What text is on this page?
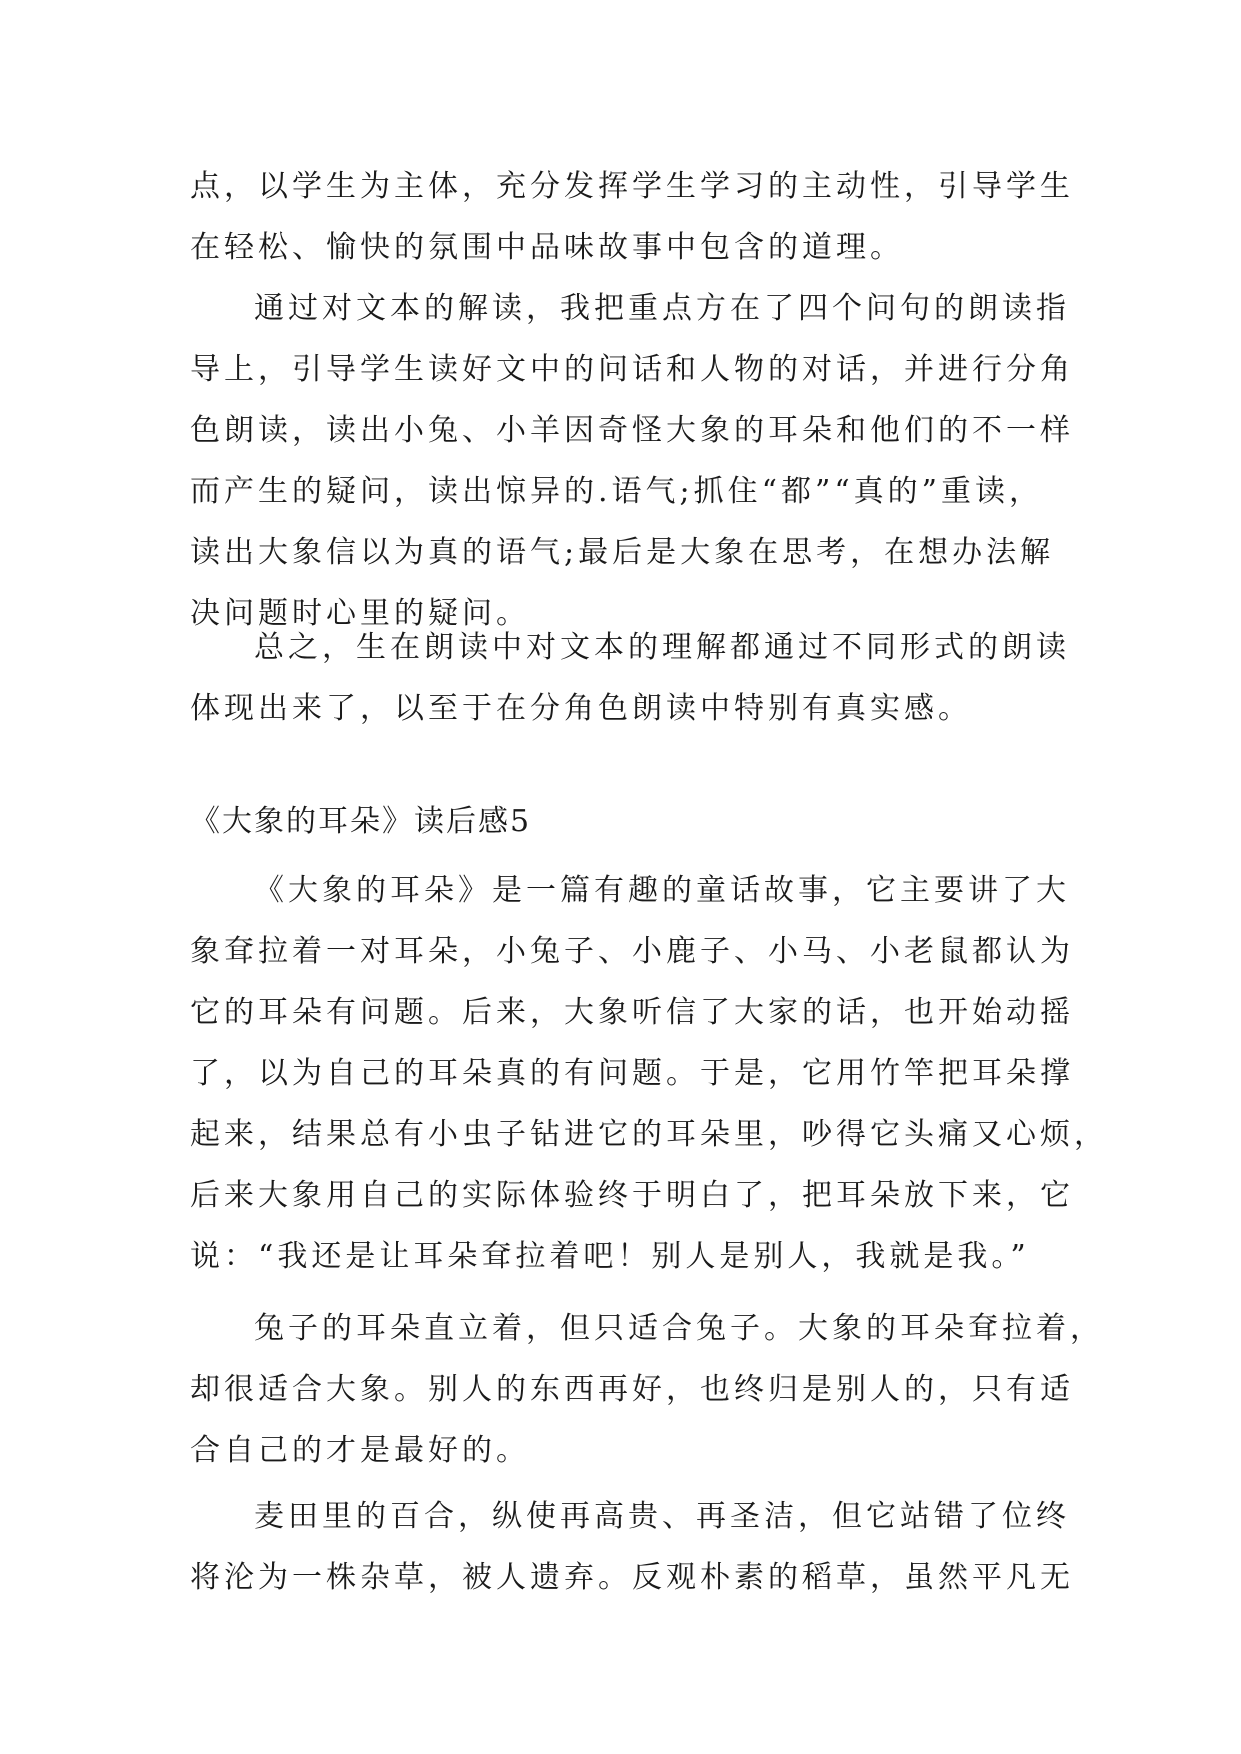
点，以学生为主体，充分发挥学生学习的主动性，引导学生
在轻松、愉快的氛围中品味故事中包含的道理。
通过对文本的解读，我把重点方在了四个问句的朗读指
导上，引导学生读好文中的问话和人物的对话，并进行分角
色朗读，读出小兔、小羊因奇怪大象的耳朵和他们的不一样
而产生的疑问，读出惊异的.语气;抓住“都”“真的”重读，
读出大象信以为真的语气;最后是大象在思考，在想办法解
决问题时心里的疑问。
总之，生在朗读中对文本的理解都通过不同形式的朗读
体现出来了，以至于在分角色朗读中特别有真实感。
《大象的耳朵》读后感5
《大象的耳朵》是一篇有趣的童话故事，它主要讲了大
象耷拉着一对耳朵，小兔子、小鹿子、小马、小老鼠都认为
它的耳朵有问题。后来，大象听信了大家的话，也开始动摇
了，以为自己的耳朵真的有问题。于是，它用竹竿把耳朵撑
起来，结果总有小虫子钻进它的耳朵里，吵得它头痛又心烦，
后来大象用自己的实际体验终于明白了，把耳朵放下来，它
说：“我还是让耳朵耷拉着吧！别人是别人，我就是我。”
兔子的耳朵直立着，但只适合兔子。大象的耳朵耷拉着，
却很适合大象。别人的东西再好，也终归是别人的，只有适
合自己的才是最好的。
麦田里的百合，纵使再高贵、再圣洁，但它站错了位终
将沦为一株杂草，被人遗弃。反观朴素的稻草，虽然平凡无
